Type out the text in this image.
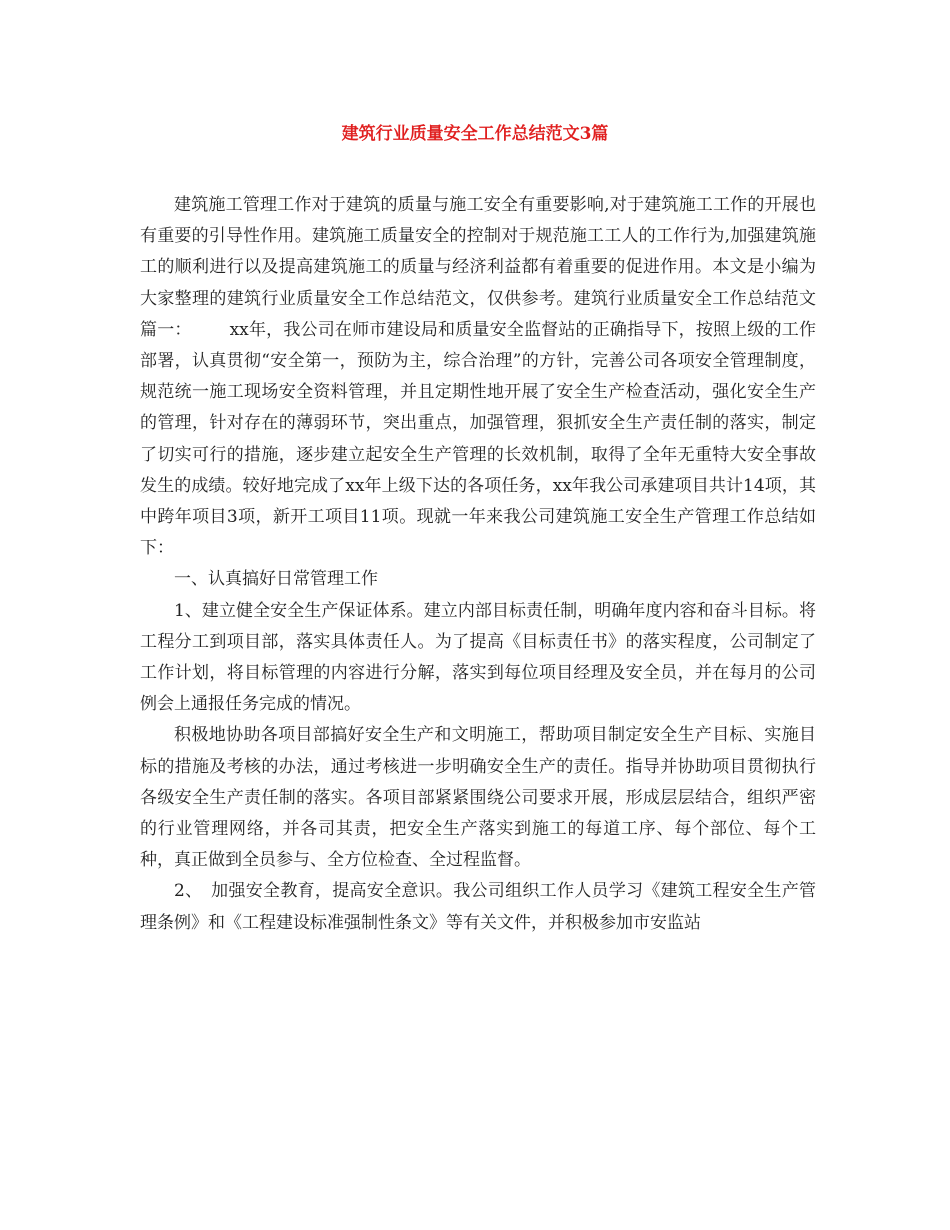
建筑行业质量安全工作总结范文3篇

建筑施工管理工作对于建筑的质量与施工安全有重要影响,对于建筑施工工作的开展也有重要的引导性作用。建筑施工质量安全的控制对于规范施工工人的工作行为,加强建筑施工的顺利进行以及提高建筑施工的质量与经济利益都有着重要的促进作用。本文是小编为大家整理的建筑行业质量安全工作总结范文，仅供参考。建筑行业质量安全工作总结范文篇一： xx年，我公司在师市建设局和质量安全监督站的正确指导下，按照上级的工作部署，认真贯彻“安全第一，预防为主，综合治理”的方针，完善公司各项安全管理制度，规范统一施工现场安全资料管理，并且定期性地开展了安全生产检查活动，强化安全生产的管理，针对存在的薄弱环节，突出重点，加强管理，狠抓安全生产责任制的落实，制定了切实可行的措施，逐步建立起安全生产管理的长效机制，取得了全年无重特大安全事故发生的成绩。较好地完成了xx年上级下达的各项任务，xx年我公司承建项目共计14项，其中跨年项目3项，新开工项目11项。现就一年来我公司建筑施工安全生产管理工作总结如下：

一、认真搞好日常管理工作

1、建立健全安全生产保证体系。建立内部目标责任制，明确年度内容和奋斗目标。将工程分工到项目部，落实具体责任人。为了提高《目标责任书》的落实程度，公司制定了工作计划，将目标管理的内容进行分解，落实到每位项目经理及安全员，并在每月的公司例会上通报任务完成的情况。

积极地协助各项目部搞好安全生产和文明施工，帮助项目制定安全生产目标、实施目标的措施及考核的办法，通过考核进一步明确安全生产的责任。指导并协助项目贯彻执行各级安全生产责任制的落实。各项目部紧紧围绕公司要求开展，形成层层结合，组织严密的行业管理网络，并各司其责，把安全生产落实到施工的每道工序、每个部位、每个工种，真正做到全员参与、全方位检查、全过程监督。

2、　加强安全教育，提高安全意识。我公司组织工作人员学习《建筑工程安全生产管理条例》和《工程建设标准强制性条文》等有关文件，并积极参加市安监站
